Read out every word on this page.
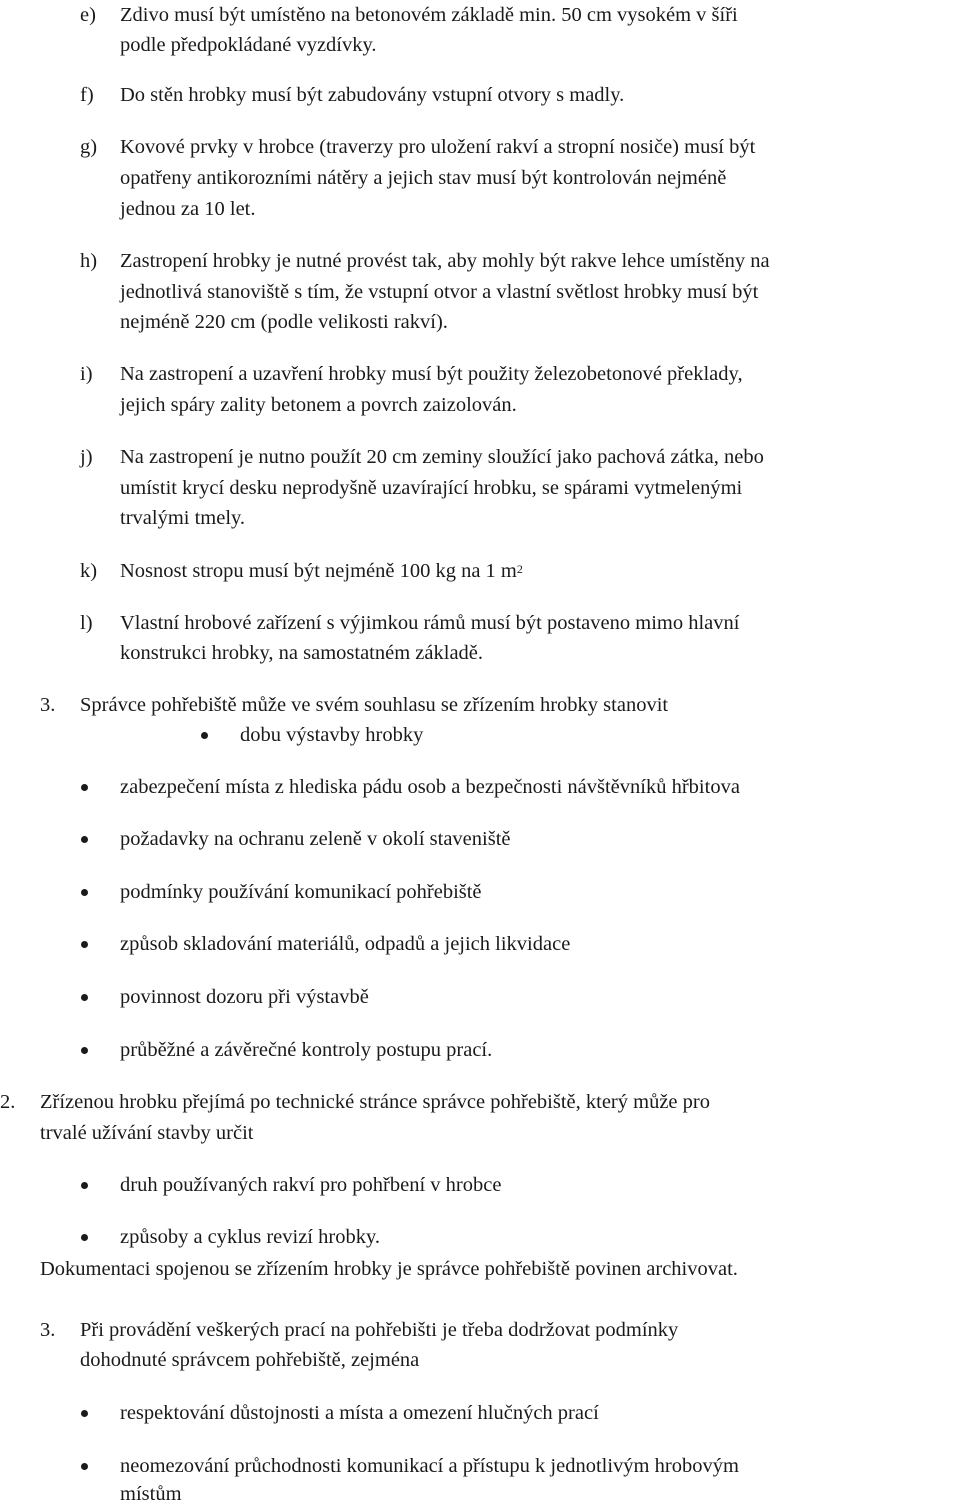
e) Zdivo musí být umístěno na betonovém základě min. 50 cm vysokém v šíři
podle předpokládané vyzdívky.
f) Do stěn hrobky musí být zabudovány vstupní otvory s madly.
g) Kovové prvky v hrobce (traverzy pro uložení rakví a stropní nosiče) musí být
opatřeny antikorozními nátěry a jejich stav musí být kontrolován nejméně
jednou za 10 let.
h) Zastropení hrobky je nutné provést tak, aby mohly být rakve lehce umístěny na
jednotlivá stanoviště s tím, že vstupní otvor a vlastní světlost hrobky musí být
nejméně 220 cm (podle velikosti rakví).
i) Na zastropení a uzavření hrobky musí být použity železobetonové překlady,
jejich spáry zality betonem a povrch zaizolován.
j) Na zastropení je nutno použít 20 cm zeminy sloužící jako pachová zátka, nebo
umístit krycí desku neprodyšně uzavírající hrobku, se spárami vytmelenými
trvalými tmely.
k) Nosnost stropu musí být nejméně 100 kg na 1 $m^2$
l) Vlastní hrobové zařízení s výjimkou rámů musí být postaveno mimo hlavní
konstrukci hrobky, na samostatném základě.
3. Správce pohřebiště může ve svém souhlasu se zřízením hrobky stanovit
dobu výstavby hrobky
zabezpečení místa z hlediska pádu osob a bezpečnosti návštěvníků hřbitova
požadavky na ochranu zeleně v okolí staveniště
podmínky používání komunikací pohřebiště
způsob skladování materiálů, odpadů a jejich likvidace
povinnost dozoru při výstavbě
průběžné a závěrečné kontroly postupu prací.
2. Zřízenou hrobku přejímá po technické stránce správce pohřebiště, který může pro
trvalé užívání stavby určit
druh používaných rakví pro pohřbení v hrobce
způsoby a cyklus revizí hrobky.
Dokumentaci spojenou se zřízením hrobky je správce pohřebiště povinen archivovat.
3. Při provádění veškerých prací na pohřebišti je třeba dodržovat podmínky
dohodnuté správcem pohřebiště, zejména
respektování důstojnosti a místa a omezení hlučných prací
neomezování průchodnosti komunikací a přístupu k jednotlivým hrobovým
místům
